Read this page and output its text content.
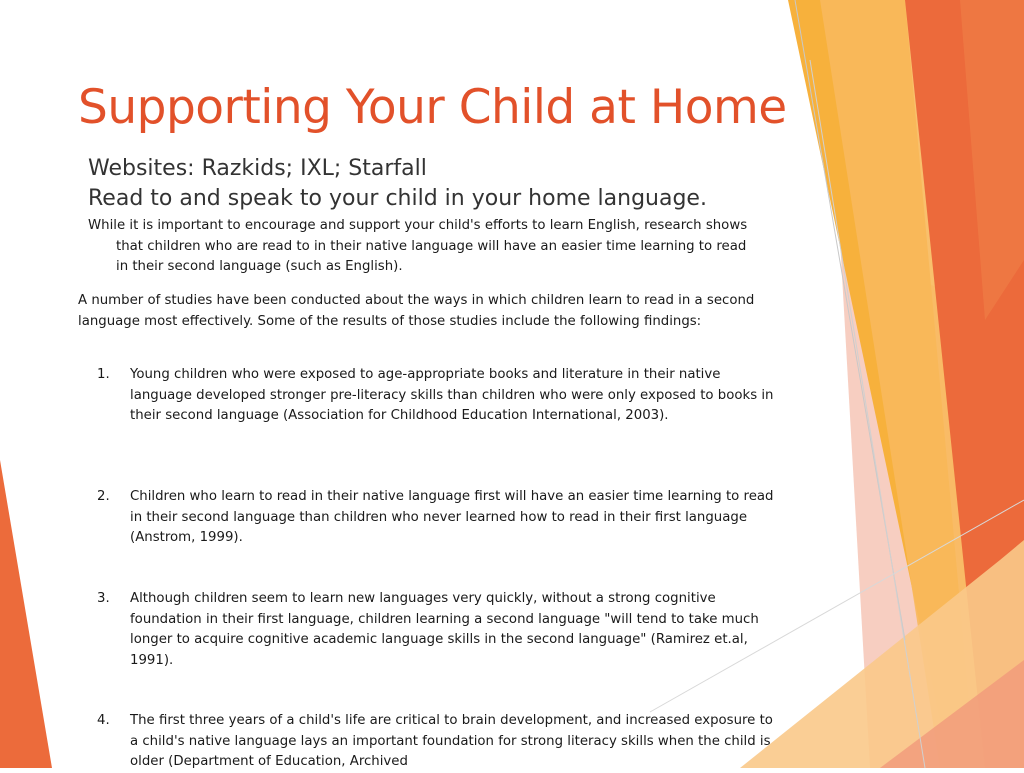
Supporting Your Child at Home
Websites: Razkids; IXL; Starfall
Read to and speak to your child in your home language.

While it is important to encourage and support your child's efforts to learn English, research shows that children who are read to in their native language will have an easier time learning to read in their second language (such as English).

A number of studies have been conducted about the ways in which children learn to read in a second language most effectively. Some of the results of those studies include the following findings:

1. Young children who were exposed to age-appropriate books and literature in their native language developed stronger pre-literacy skills than children who were only exposed to books in their second language (Association for Childhood Education International, 2003).
2. Children who learn to read in their native language first will have an easier time learning to read in their second language than children who never learned how to read in their first language (Anstrom, 1999).
3. Although children seem to learn new languages very quickly, without a strong cognitive foundation in their first language, children learning a second language "will tend to take much longer to acquire cognitive academic language skills in the second language" (Ramirez et.al, 1991).
4. The first three years of a child's life are critical to brain development, and increased exposure to a child's native language lays an important foundation for strong literacy skills when the child is older (Department of Education, Archived
